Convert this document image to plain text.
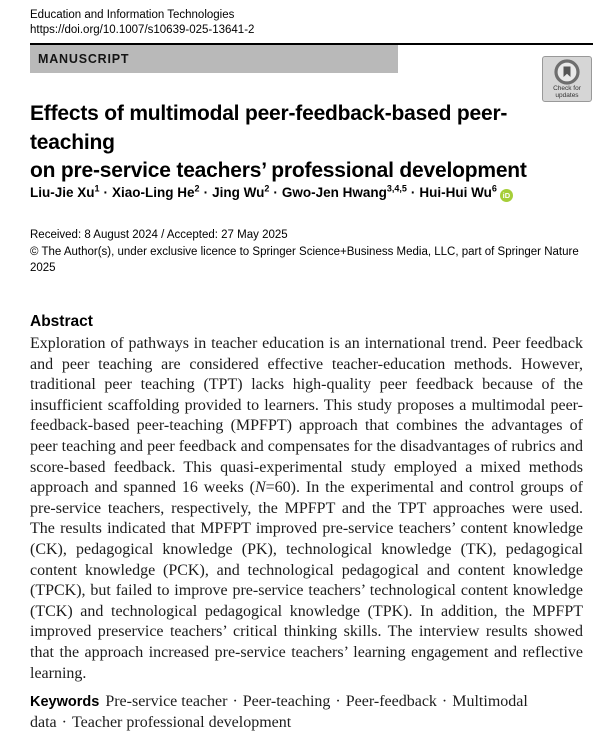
Education and Information Technologies
https://doi.org/10.1007/s10639-025-13641-2
MANUSCRIPT
Check for
updates
Effects of multimodal peer-feedback-based peer-teaching
on pre-service teachers’ professional development
Liu-Jie $Xu^1$ · Xiao-Ling $He^2$ · Jing $Wu^2 \cdot Gwo-Jen$ Hwang$^{3,4,5}$ · Hui-Hui Wu$^6$iD
Received: 8 August 2024 / Accepted: 27 May 2025
© The Author(s), under exclusive licence to Springer Science+Business Media, LLC, part of Springer Nature
2025
Abstract

Exploration of pathways in teacher education is an international trend. Peer feedback and peer teaching are considered effective teacher-education methods. However, traditional peer teaching (TPT) lacks high-quality peer feedback because of the insufficient scaffolding provided to learners. This study proposes a multimodal peer-feedback-based peer-teaching (MPFPT) approach that combines the advantages of peer teaching and peer feedback and compensates for the disadvantages of rubrics and score-based feedback. This quasi-experimental study employed a mixed methods approach and spanned 16 weeks (N=60). In the experimental and control groups of pre-service teachers, respectively, the MPFPT and the TPT approaches were used. The results indicated that MPFPT improved pre-service teachers’ content knowledge (CK), pedagogical knowledge (PK), technological knowledge (TK), pedagogical content knowledge (PCK), and technological pedagogical and content knowledge (TPCK), but failed to improve pre-service teachers’ technological content knowledge (TCK) and technological pedagogical knowledge (TPK). In addition, the MPFPT improved preservice teachers’ critical thinking skills. The interview results showed that the approach increased pre-service teachers’ learning engagement and reflective learning.

Keywords Pre-service teacher · Peer-teaching · Peer-feedback · Multimodal data · Teacher professional development
